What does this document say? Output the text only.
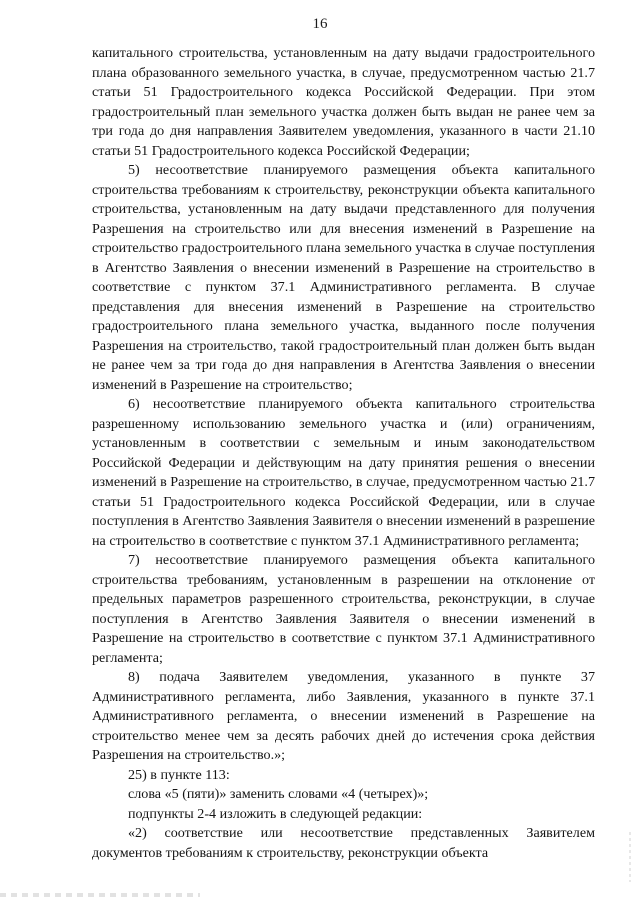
16

капитального строительства, установленным на дату выдачи градостроительного плана образованного земельного участка, в случае, предусмотренном частью 21.7 статьи 51 Градостроительного кодекса Российской Федерации. При этом градостроительный план земельного участка должен быть выдан не ранее чем за три года до дня направления Заявителем уведомления, указанного в части 21.10 статьи 51 Градостроительного кодекса Российской Федерации;

5) несоответствие планируемого размещения объекта капитального строительства требованиям к строительству, реконструкции объекта капитального строительства, установленным на дату выдачи представленного для получения Разрешения на строительство или для внесения изменений в Разрешение на строительство градостроительного плана земельного участка в случае поступления в Агентство Заявления о внесении изменений в Разрешение на строительство в соответствие с пунктом 37.1 Административного регламента. В случае представления для внесения изменений в Разрешение на строительство градостроительного плана земельного участка, выданного после получения Разрешения на строительство, такой градостроительный план должен быть выдан не ранее чем за три года до дня направления в Агентства Заявления о внесении изменений в Разрешение на строительство;

6) несоответствие планируемого объекта капитального строительства разрешенному использованию земельного участка и (или) ограничениям, установленным в соответствии с земельным и иным законодательством Российской Федерации и действующим на дату принятия решения о внесении изменений в Разрешение на строительство, в случае, предусмотренном частью 21.7 статьи 51 Градостроительного кодекса Российской Федерации, или в случае поступления в Агентство Заявления Заявителя о внесении изменений в разрешение на строительство в соответствие с пунктом 37.1 Административного регламента;

7) несоответствие планируемого размещения объекта капитального строительства требованиям, установленным в разрешении на отклонение от предельных параметров разрешенного строительства, реконструкции, в случае поступления в Агентство Заявления Заявителя о внесении изменений в Разрешение на строительство в соответствие с пунктом 37.1 Административного регламента;

8) подача Заявителем уведомления, указанного в пункте 37 Административного регламента, либо Заявления, указанного в пункте 37.1 Административного регламента, о внесении изменений в Разрешение на строительство менее чем за десять рабочих дней до истечения срока действия Разрешения на строительство.»;

25) в пункте 113:

слова «5 (пяти)» заменить словами «4 (четырех)»;

подпункты 2-4 изложить в следующей редакции:

«2) соответствие или несоответствие представленных Заявителем документов требованиям к строительству, реконструкции объекта
